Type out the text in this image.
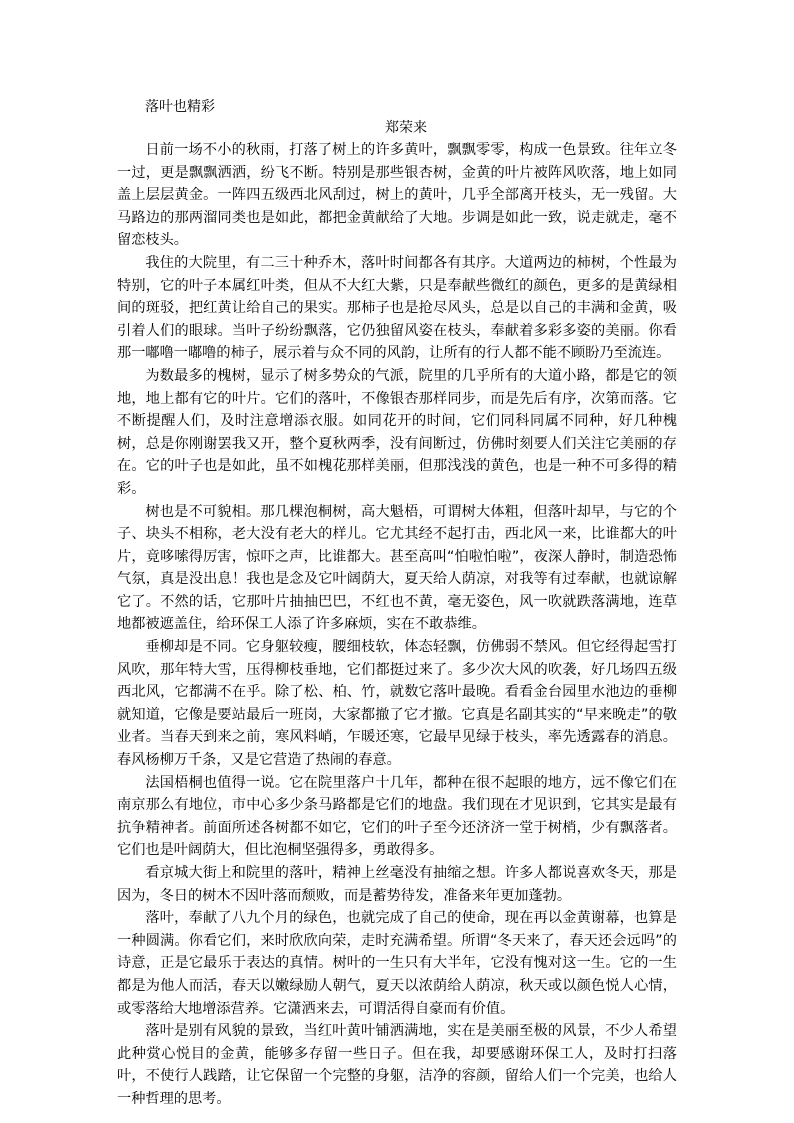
落叶也精彩
郑荣来

日前一场不小的秋雨，打落了树上的许多黄叶，飘飘零零，构成一色景致。往年立冬一过，更是飘飘洒洒，纷飞不断。特别是那些银杏树，金黄的叶片被阵风吹落，地上如同盖上层层黄金。一阵四五级西北风刮过，树上的黄叶，几乎全部离开枝头，无一残留。大马路边的那两溜同类也是如此，都把金黄献给了大地。步调是如此一致，说走就走，毫不留恋枝头。

我住的大院里，有二三十种乔木，落叶时间都各有其序。大道两边的柿树，个性最为特别，它的叶子本属红叶类，但从不大红大紫，只是奉献些微红的颜色，更多的是黄绿相间的斑驳，把红黄让给自己的果实。那柿子也是抢尽风头，总是以自己的丰满和金黄，吸引着人们的眼球。当叶子纷纷飘落，它仍独留风姿在枝头，奉献着多彩多姿的美丽。你看那一嘟噜一嘟噜的柿子，展示着与众不同的风韵，让所有的行人都不能不顾盼乃至流连。

为数最多的槐树，显示了树多势众的气派，院里的几乎所有的大道小路，都是它的领地，地上都有它的叶片。它们的落叶，不像银杏那样同步，而是先后有序，次第而落。它不断提醒人们，及时注意增添衣服。如同花开的时间，它们同科同属不同种，好几种槐树，总是你刚谢罢我又开，整个夏秋两季，没有间断过，仿佛时刻要人们关注它美丽的存在。它的叶子也是如此，虽不如槐花那样美丽，但那浅浅的黄色，也是一种不可多得的精彩。

树也是不可貌相。那几棵泡桐树，高大魁梧，可谓树大体粗，但落叶却早，与它的个子、块头不相称，老大没有老大的样儿。它尤其经不起打击，西北风一来，比谁都大的叶片，竟哆嗦得厉害，惊吓之声，比谁都大。甚至高叫“怕啦怕啦”，夜深人静时，制造恐怖气氛，真是没出息！我也是念及它叶阔荫大，夏天给人荫凉，对我等有过奉献，也就谅解它了。不然的话，它那叶片抽抽巴巴，不红也不黄，毫无姿色，风一吹就跌落满地，连草地都被遮盖住，给环保工人添了许多麻烦，实在不敢恭维。

垂柳却是不同。它身躯较瘦，腰细枝软，体态轻飘，仿佛弱不禁风。但它经得起雪打风吹，那年特大雪，压得柳枝垂地，它们都挺过来了。多少次大风的吹袭，好几场四五级西北风，它都满不在乎。除了松、柏、竹，就数它落叶最晚。看看金台园里水池边的垂柳就知道，它像是要站最后一班岗，大家都撤了它才撤。它真是名副其实的“早来晚走”的敬业者。当春天到来之前，寒风料峭，乍暖还寒，它最早见绿于枝头，率先透露春的消息。春风杨柳万千条，又是它营造了热闹的春意。

法国梧桐也值得一说。它在院里落户十几年，都种在很不起眼的地方，远不像它们在南京那么有地位，市中心多少条马路都是它们的地盘。我们现在才见识到，它其实是最有抗争精神者。前面所述各树都不如它，它们的叶子至今还济济一堂于树梢，少有飘落者。它们也是叶阔荫大，但比泡桐坚强得多，勇敢得多。

看京城大街上和院里的落叶，精神上丝毫没有抽缩之想。许多人都说喜欢冬天，那是因为，冬日的树木不因叶落而颓败，而是蓄势待发，准备来年更加蓬勃。

落叶，奉献了八九个月的绿色，也就完成了自己的使命，现在再以金黄谢幕，也算是一种圆满。你看它们，来时欣欣向荣，走时充满希望。所谓“冬天来了，春天还会远吗”的诗意，正是它最乐于表达的真情。树叶的一生只有大半年，它没有愧对这一生。它的一生都是为他人而活，春天以嫩绿励人朝气，夏天以浓荫给人荫凉，秋天或以颜色悦人心情，或零落给大地增添营养。它潇洒来去，可谓活得自豪而有价值。

落叶是别有风貌的景致，当红叶黄叶铺洒满地，实在是美丽至极的风景，不少人希望此种赏心悦目的金黄，能够多存留一些日子。但在我，却要感谢环保工人，及时打扫落叶，不使行人践踏，让它保留一个完整的身躯，洁净的容颜，留给人们一个完美，也给人一种哲理的思考。
